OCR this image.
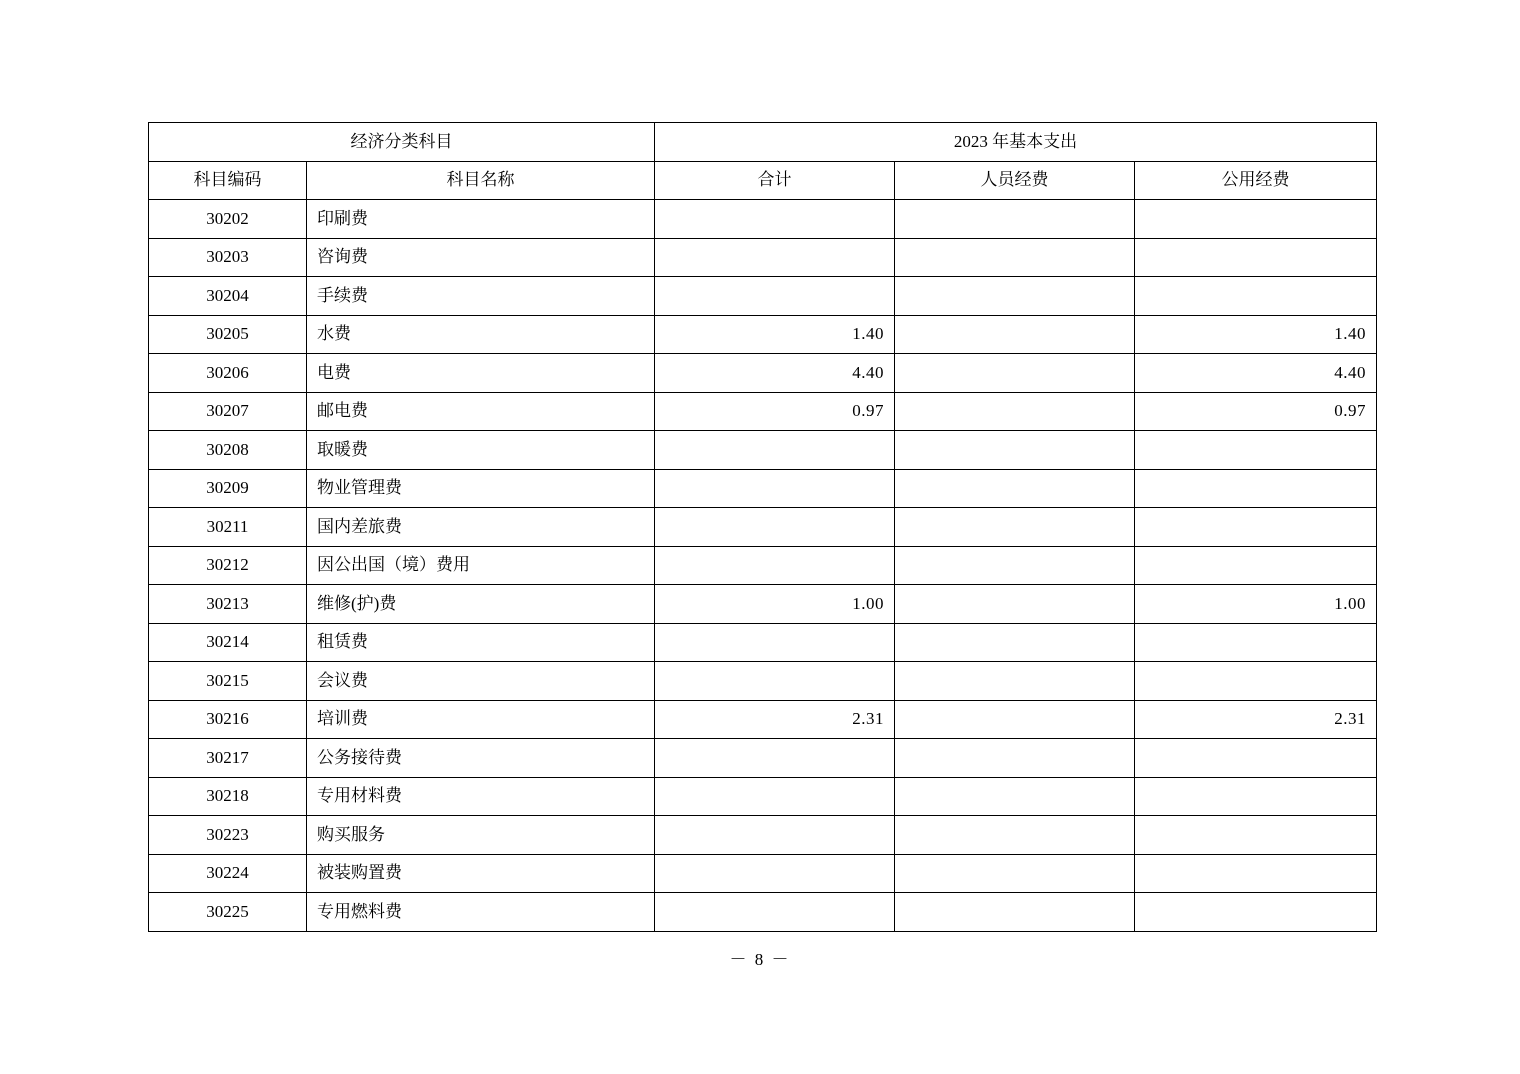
经济分类科目		2023 年基本支出		
科目编码	科目名称	合计	人员经费	公用经费
30202	印刷费			
30203	咨询费			
30204	手续费			
30205	水费	1.40		1.40
30206	电费	4.40		4.40
30207	邮电费	0.97		0.97
30208	取暖费			
30209	物业管理费			
30211	国内差旅费			
30212	因公出国（境）费用			
30213	维修(护)费	1.00		1.00
30214	租赁费			
30215	会议费			
30216	培训费	2.31		2.31
30217	公务接待费			
30218	专用材料费			
30223	购买服务			
30224	被装购置费			
30225	专用燃料费			
－ 8 －
